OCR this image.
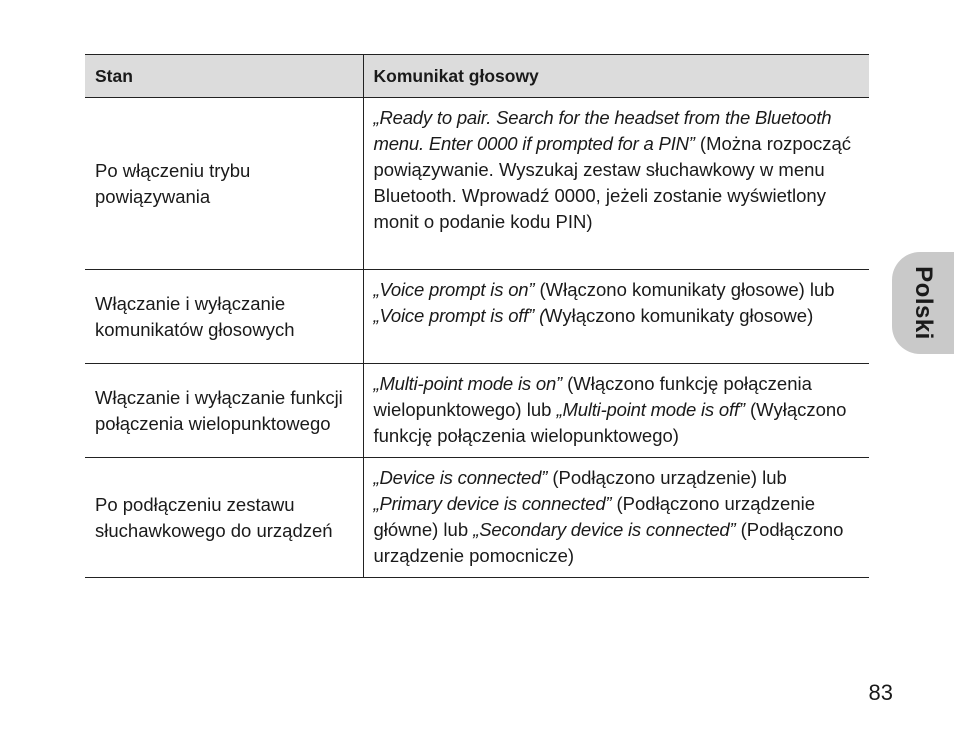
Stan	Komunikat głosowy
Po włączeniu trybu powiązywania	„Ready to pair. Search for the headset from the Bluetooth menu. Enter 0000 if prompted for a PIN” (Można rozpocząć powiązywanie. Wyszukaj zestaw słuchawkowy w menu Bluetooth. Wprowadź 0000, jeżeli zostanie wyświetlony monit o podanie kodu PIN)
Włączanie i wyłączanie komunikatów głosowych	„Voice prompt is on” (Włączono komunikaty głosowe) lub „Voice prompt is off” (Wyłączono komunikaty głosowe)
Włączanie i wyłączanie funkcji połączenia wielopunktowego	„Multi-point mode is on” (Włączono funkcję połączenia wielopunktowego) lub „Multi-point mode is off” (Wyłączono funkcję połączenia wielopunktowego)
Po podłączeniu zestawu słuchawkowego do urządzeń	„Device is connected” (Podłączono urządzenie) lub „Primary device is connected” (Podłączono urządzenie główne) lub „Secondary device is connected” (Podłączono urządzenie pomocnicze)
Polski
83
